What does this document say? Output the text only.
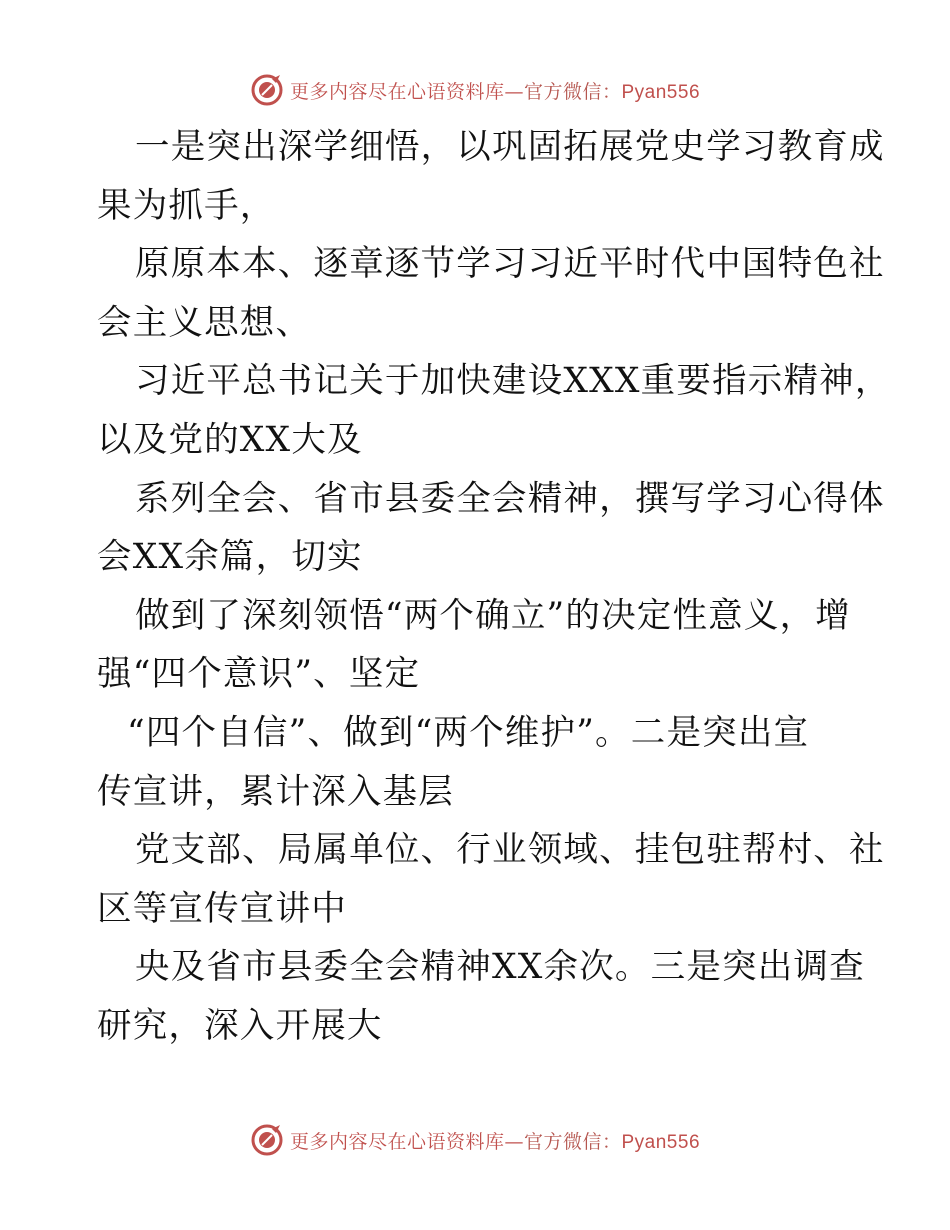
更多内容尽在心语资料库—官方微信：Pyan556
一是突出深学细悟，以巩固拓展党史学习教育成
果为抓手，
原原本本、逐章逐节学习习近平时代中国特色社
会主义思想、
习近平总书记关于加快建设XXX重要指示精神，
以及党的XX大及
系列全会、省市县委全会精神，撰写学习心得体
会XX余篇，切实
做到了深刻领悟“两个确立”的决定性意义，增
强“四个意识”、坚定
“四个自信”、做到“两个维护”。二是突出宣
传宣讲，累计深入基层
党支部、局属单位、行业领域、挂包驻帮村、社
区等宣传宣讲中
央及省市县委全会精神XX余次。三是突出调查
研究，深入开展大
更多内容尽在心语资料库—官方微信：Pyan556
